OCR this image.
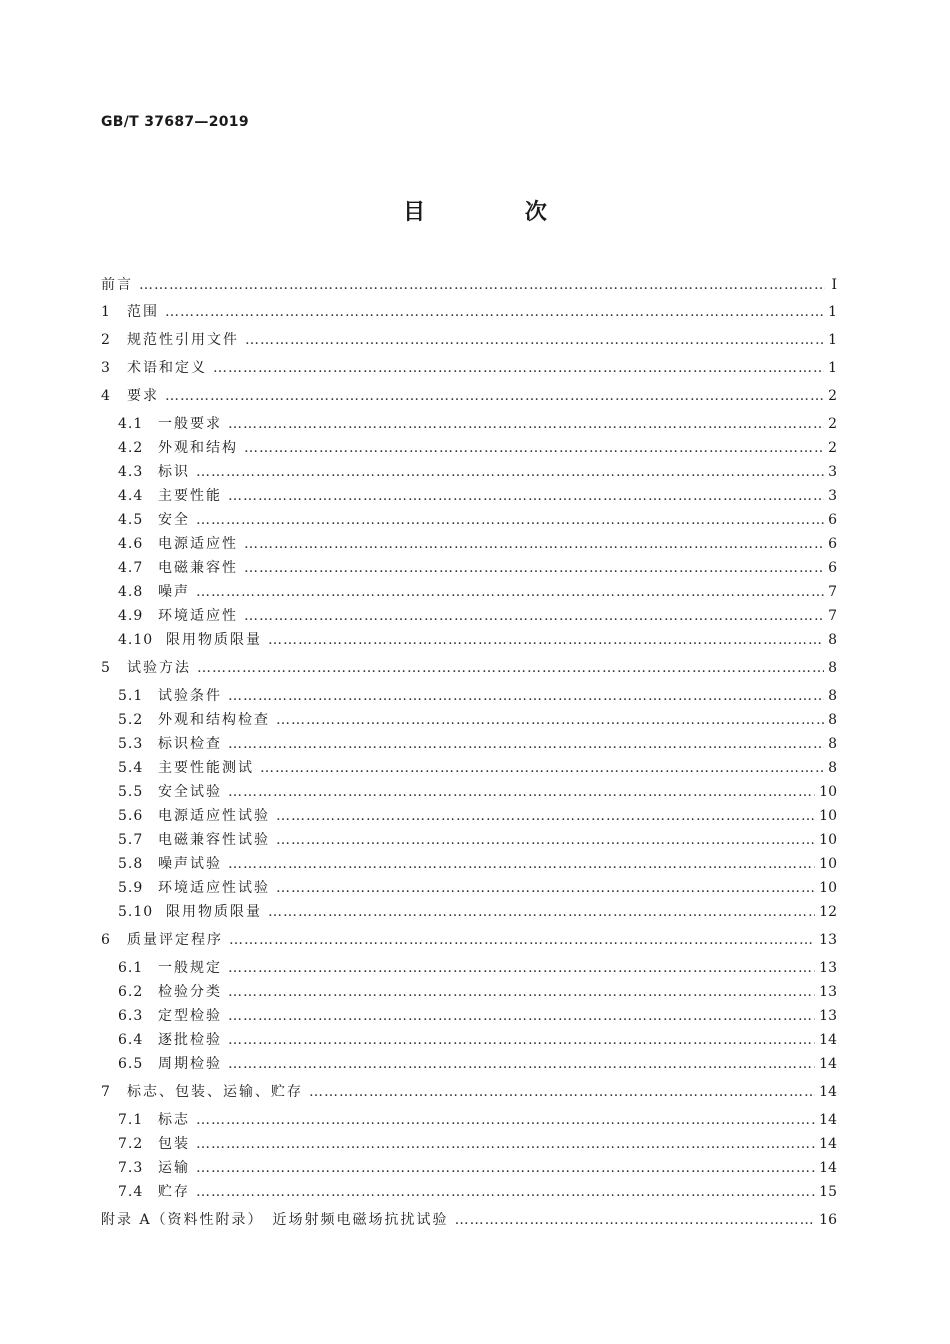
GB/T 37687—2019
目 次
前言 ……………………………………………………………………………………………………………………………………………………………………………………………………………………………	Ⅰ
1	范围 ……………………………………………………………………………………………………………………………………………………………………………………………………………………………	1
2	规范性引用文件 ……………………………………………………………………………………………………………………………………………………………………………………………………………………………	1
3	术语和定义 ……………………………………………………………………………………………………………………………………………………………………………………………………………………………	1
4	要求 ……………………………………………………………………………………………………………………………………………………………………………………………………………………………	2
4.1	一般要求 ……………………………………………………………………………………………………………………………………………………………………………………………………………………………	2
4.2	外观和结构 ……………………………………………………………………………………………………………………………………………………………………………………………………………………………	2
4.3	标识 ……………………………………………………………………………………………………………………………………………………………………………………………………………………………	3
4.4	主要性能 ……………………………………………………………………………………………………………………………………………………………………………………………………………………………	3
4.5	安全 ……………………………………………………………………………………………………………………………………………………………………………………………………………………………	6
4.6	电源适应性 ……………………………………………………………………………………………………………………………………………………………………………………………………………………………	6
4.7	电磁兼容性 ……………………………………………………………………………………………………………………………………………………………………………………………………………………………	6
4.8	噪声 ……………………………………………………………………………………………………………………………………………………………………………………………………………………………	7
4.9	环境适应性 ……………………………………………………………………………………………………………………………………………………………………………………………………………………………	7
4.10 限用物质限量 ……………………………………………………………………………………………………………………………………………………………………………………………………………………………	8
5	试验方法 ……………………………………………………………………………………………………………………………………………………………………………………………………………………………	8
5.1	试验条件 ……………………………………………………………………………………………………………………………………………………………………………………………………………………………	8
5.2	外观和结构检查 ……………………………………………………………………………………………………………………………………………………………………………………………………………………………	8
5.3	标识检查 ……………………………………………………………………………………………………………………………………………………………………………………………………………………………	8
5.4	主要性能测试 ……………………………………………………………………………………………………………………………………………………………………………………………………………………………	8
5.5	安全试验 ……………………………………………………………………………………………………………………………………………………………………………………………………………………………	10
5.6	电源适应性试验 ……………………………………………………………………………………………………………………………………………………………………………………………………………………………	10
5.7	电磁兼容性试验 ……………………………………………………………………………………………………………………………………………………………………………………………………………………………	10
5.8	噪声试验 ……………………………………………………………………………………………………………………………………………………………………………………………………………………………	10
5.9	环境适应性试验 ……………………………………………………………………………………………………………………………………………………………………………………………………………………………	10
5.10 限用物质限量 ……………………………………………………………………………………………………………………………………………………………………………………………………………………………	12
6	质量评定程序 ……………………………………………………………………………………………………………………………………………………………………………………………………………………………	13
6.1	一般规定 ……………………………………………………………………………………………………………………………………………………………………………………………………………………………	13
6.2	检验分类 ……………………………………………………………………………………………………………………………………………………………………………………………………………………………	13
6.3	定型检验 ……………………………………………………………………………………………………………………………………………………………………………………………………………………………	13
6.4	逐批检验 ……………………………………………………………………………………………………………………………………………………………………………………………………………………………	14
6.5	周期检验 ……………………………………………………………………………………………………………………………………………………………………………………………………………………………	14
7	标志、包装、运输、贮存 ……………………………………………………………………………………………………………………………………………………………………………………………………………………………	14
7.1	标志 ……………………………………………………………………………………………………………………………………………………………………………………………………………………………	14
7.2	包装 ……………………………………………………………………………………………………………………………………………………………………………………………………………………………	14
7.3	运输 ……………………………………………………………………………………………………………………………………………………………………………………………………………………………	14
7.4	贮存 ……………………………………………………………………………………………………………………………………………………………………………………………………………………………	15
附录 A（资料性附录）　近场射频电磁场抗扰试验 ……………………………………………………………………………………………………………………………………………………………………………………………………………………………	16
